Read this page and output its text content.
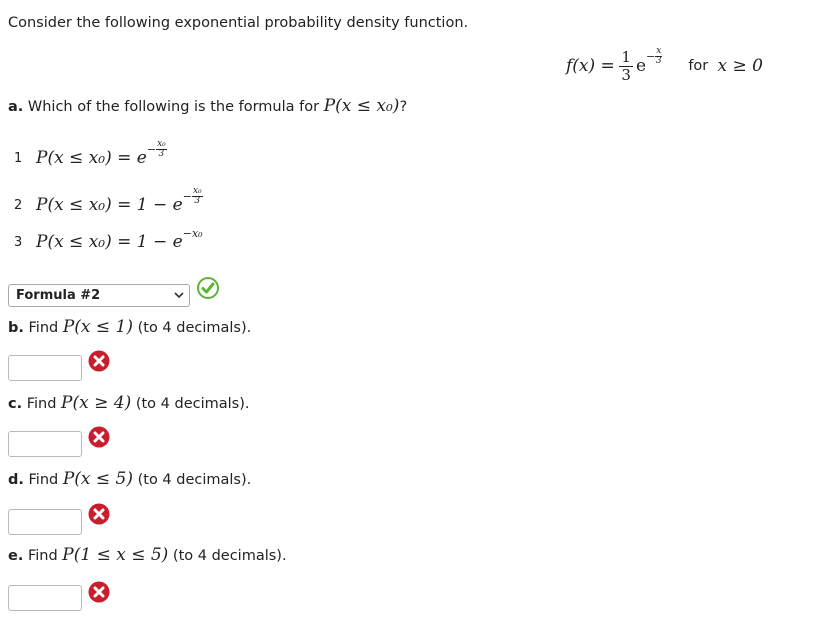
Consider the following exponential probability density function.
f(x) =
$\frac{1}{3}$ $e - \frac{x}{3}$
for
x ≥ 0
a. Which of the following is the formula for P(x ≤ x₀)?
1 $P(x \le x_0) = e - \frac{\text{x₀}}{3}$
2 $P(x \le x_0) = 1 - e - \frac{\text{x₀}}{3}$
3 P(x ≤ x₀) = 1 − e −x₀
Formula #2
b. Find P(x ≤ 1) (to 4 decimals).
c. Find P(x ≥ 4) (to 4 decimals).
d. Find P(x ≤ 5) (to 4 decimals).
e. Find P(1 ≤ x ≤ 5) (to 4 decimals).
